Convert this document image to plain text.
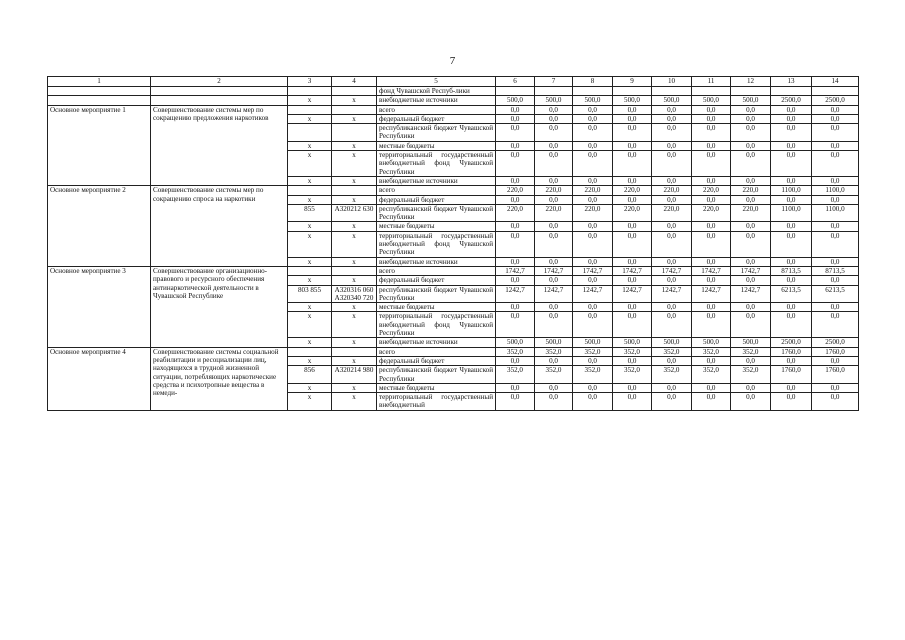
7
1	2	3	4	5	6	7	8	9	10	11	12	13	14
				фонд Чувашской Респуб-лики									
		х	х	внебюджетные источники	500,0	500,0	500,0	500,0	500,0	500,0	500,0	2500,0	2500,0
Основное мероприятие 1	Совершенствование системы мер по сокращению предложения наркотиков			всего	0,0	0,0	0,0	0,0	0,0	0,0	0,0	0,0	0,0
		х	х	федеральный бюджет	0,0	0,0	0,0	0,0	0,0	0,0	0,0	0,0	0,0
				республиканский бюджет Чувашской Республики	0,0	0,0	0,0	0,0	0,0	0,0	0,0	0,0	0,0
		х	х	местные бюджеты	0,0	0,0	0,0	0,0	0,0	0,0	0,0	0,0	0,0
		х	х	территориальный государственный внебюджетный фонд Чувашской Республики	0,0	0,0	0,0	0,0	0,0	0,0	0,0	0,0	0,0
		х	х	внебюджетные источники	0,0	0,0	0,0	0,0	0,0	0,0	0,0	0,0	0,0
Основное мероприятие 2	Совершенствование системы мер по сокращению спроса на наркотики			всего	220,0	220,0	220,0	220,0	220,0	220,0	220,0	1100,0	1100,0
		х	х	федеральный бюджет	0,0	0,0	0,0	0,0	0,0	0,0	0,0	0,0	0,0
		855	А320212 630	республиканский бюджет Чувашской Республики	220,0	220,0	220,0	220,0	220,0	220,0	220,0	1100,0	1100,0
		х	х	местные бюджеты	0,0	0,0	0,0	0,0	0,0	0,0	0,0	0,0	0,0
		х	х	территориальный государственный внебюджетный фонд Чувашской Республики	0,0	0,0	0,0	0,0	0,0	0,0	0,0	0,0	0,0
		х	х	внебюджетные источники	0,0	0,0	0,0	0,0	0,0	0,0	0,0	0,0	0,0
Основное мероприятие 3	Совершенствование организационно-правового и ресурсного обеспечения антинаркотической деятельности в Чувашской Республике			всего	1742,7	1742,7	1742,7	1742,7	1742,7	1742,7	1742,7	8713,5	8713,5
		х	х	федеральный бюджет	0,0	0,0	0,0	0,0	0,0	0,0	0,0	0,0	0,0
		803 855	А320316 060 А320340 720	республиканский бюджет Чувашской Республики	1242,7	1242,7	1242,7	1242,7	1242,7	1242,7	1242,7	6213,5	6213,5
		х	х	местные бюджеты	0,0	0,0	0,0	0,0	0,0	0,0	0,0	0,0	0,0
		х	х	территориальный государственный внебюджетный фонд Чувашской Республики	0,0	0,0	0,0	0,0	0,0	0,0	0,0	0,0	0,0
		х	х	внебюджетные источники	500,0	500,0	500,0	500,0	500,0	500,0	500,0	2500,0	2500,0
Основное мероприятие 4	Совершенствование системы социальной реабилитации и ресоциализации лиц, находящихся в трудной жизненной ситуации, потребляющих наркотические средства и психотропные вещества в немеди-			всего	352,0	352,0	352,0	352,0	352,0	352,0	352,0	1760,0	1760,0
		х	х	федеральный бюджет	0,0	0,0	0,0	0,0	0,0	0,0	0,0	0,0	0,0
		856	А320214 980	республиканский бюджет Чувашской Республики	352,0	352,0	352,0	352,0	352,0	352,0	352,0	1760,0	1760,0
		х	х	местные бюджеты	0,0	0,0	0,0	0,0	0,0	0,0	0,0	0,0	0,0
		х	х	территориальный государственный внебюджетный	0,0	0,0	0,0	0,0	0,0	0,0	0,0	0,0	0,0
